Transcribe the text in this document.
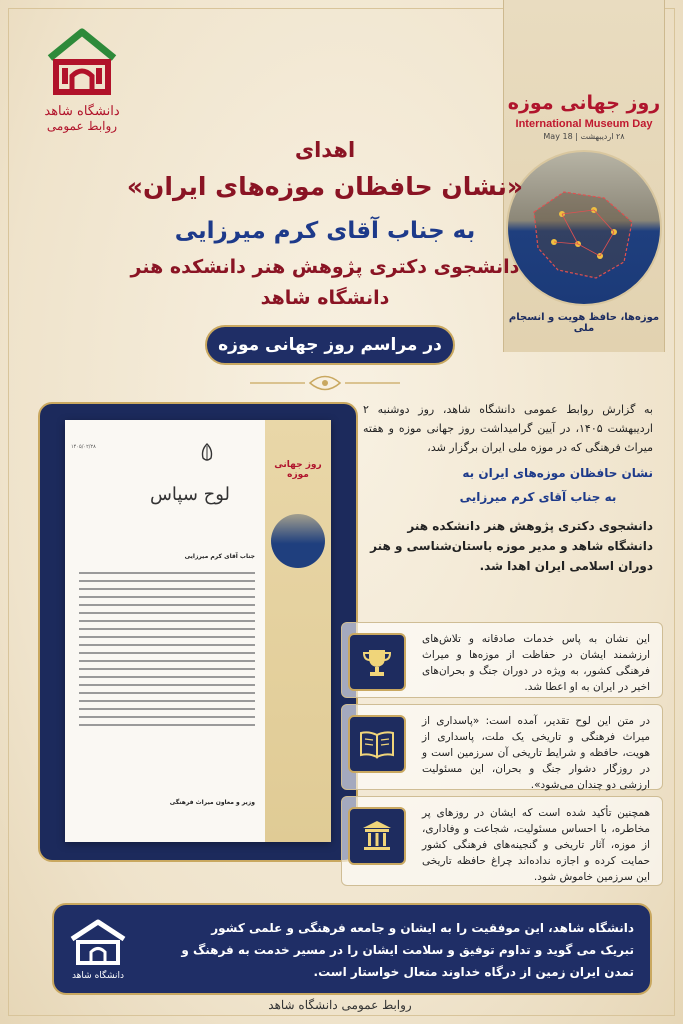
دانشگاه شاهد
روابط عمومی
روز جهانی موزه
International Museum Day
۲۸ اردیبهشت | 18 May
موزه‌ها، حافظ هویت و انسجام ملی
اهدای
«نشان حافظان موزه‌های ایران»
به جناب آقای کرم میرزایی
دانشجوی دکتری پژوهش هنر دانشکده هنر
دانشگاه شاهد
در مراسم روز جهانی موزه
۱۴۰۵/۰۲/۲۸
لوح سپاس
جناب آقای کرم میرزایی
وزیر و معاون میراث فرهنگی
روز جهانی موزه
به گزارش روابط عمومی دانشگاه شاهد، روز دوشنبه ۲ اردیبهشت ۱۴۰۵، در آیین گرامیداشت روز جهانی موزه و هفته میراث فرهنگی که در موزه ملی ایران برگزار شد،
نشان حافظان موزه‌های ایران به
به جناب آقای کرم میرزایی
دانشجوی دکتری پژوهش هنر دانشکده هنر دانشگاه شاهد و مدیر موزه باستان‌شناسی و هنر دوران اسلامی ایران اهدا شد.
این نشان به پاس خدمات صادقانه و تلاش‌های ارزشمند ایشان در حفاظت از موزه‌ها و میراث فرهنگی کشور، به ویژه در دوران جنگ و بحران‌های اخیر در ایران به او اعطا شد.
در متن این لوح تقدیر، آمده است: «پاسداری از میراث فرهنگی و تاریخی یک ملت، پاسداری از هویت، حافظه و شرایط تاریخی آن سرزمین است و در روزگار دشوار جنگ و بحران، این مسئولیت ارزشی دو چندان می‌شود».
همچنین تأکید شده است که ایشان در روزهای پر مخاطره، با احساس مسئولیت، شجاعت و وفاداری، از موزه، آثار تاریخی و گنجینه‌های فرهنگی کشور حمایت کرده و اجازه نداده‌اند چراغ حافظه تاریخی این سرزمین خاموش شود.
دانشگاه شاهد، این موفقیت را به ایشان و جامعه فرهنگی و علمی کشور تبریک می گوید و تداوم توفیق و سلامت ایشان را در مسیر خدمت به فرهنگ و تمدن ایران زمین از درگاه خداوند متعال خواستار است.
دانشگاه شاهد
روابط عمومی دانشگاه شاهد
